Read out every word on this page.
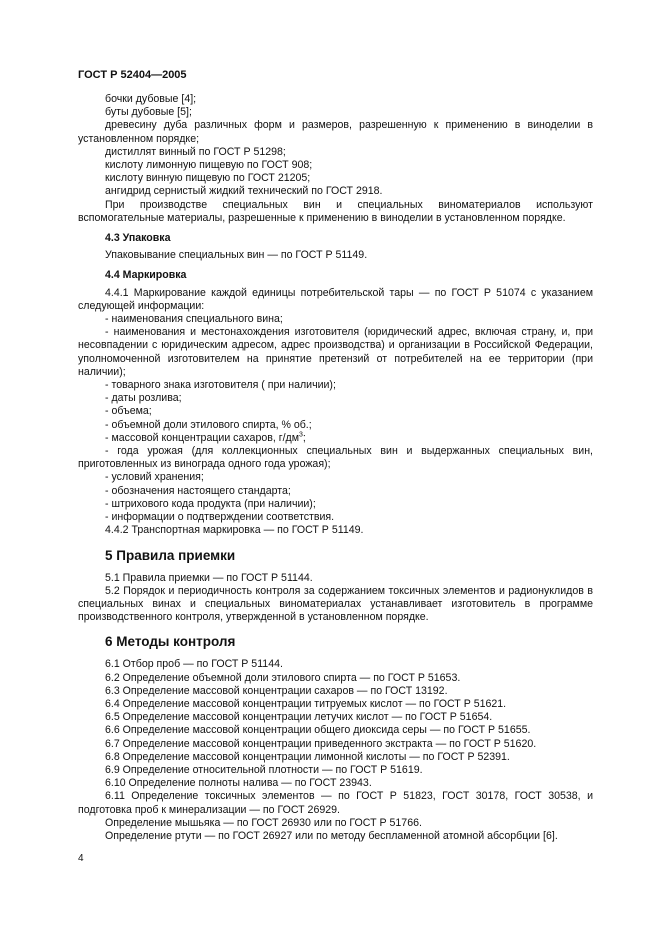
ГОСТ Р 52404—2005

бочки дубовые [4];

буты дубовые [5];

древесину дуба различных форм и размеров, разрешенную к применению в виноделии в установленном порядке;

дистиллят винный по ГОСТ Р 51298;

кислоту лимонную пищевую по ГОСТ 908;

кислоту винную пищевую по ГОСТ 21205;

ангидрид сернистый жидкий технический по ГОСТ 2918.

При производстве специальных вин и специальных виноматериалов используют вспомогательные материалы, разрешенные к применению в виноделии в установленном порядке.

4.3 Упаковка

Упаковывание специальных вин — по ГОСТ Р 51149.

4.4 Маркировка

4.4.1 Маркирование каждой единицы потребительской тары — по ГОСТ Р 51074 с указанием следующей информации:

- наименования специального вина;

- наименования и местонахождения изготовителя (юридический адрес, включая страну, и, при несовпадении с юридическим адресом, адрес производства) и организации в Российской Федерации, уполномоченной изготовителем на принятие претензий от потребителей на ее территории (при наличии);

- товарного знака изготовителя ( при наличии);

- даты розлива;

- объема;

- объемной доли этилового спирта, % об.;

- массовой концентрации сахаров, $г/дм^3$;

- года урожая (для коллекционных специальных вин и выдержанных специальных вин, приготовленных из винограда одного года урожая);

- условий хранения;

- обозначения настоящего стандарта;

- штрихового кода продукта (при наличии);

- информации о подтверждении соответствия.

4.4.2 Транспортная маркировка — по ГОСТ Р 51149.

5 Правила приемки

5.1 Правила приемки — по ГОСТ Р 51144.

5.2 Порядок и периодичность контроля за содержанием токсичных элементов и радионуклидов в специальных винах и специальных виноматериалах устанавливает изготовитель в программе производственного контроля, утвержденной в установленном порядке.

6 Методы контроля

6.1 Отбор проб — по ГОСТ Р 51144.

6.2 Определение объемной доли этилового спирта — по ГОСТ Р 51653.

6.3 Определение массовой концентрации сахаров — по ГОСТ 13192.

6.4 Определение массовой концентрации титруемых кислот — по ГОСТ Р 51621.

6.5 Определение массовой концентрации летучих кислот — по ГОСТ Р 51654.

6.6 Определение массовой концентрации общего диоксида серы — по ГОСТ Р 51655.

6.7 Определение массовой концентрации приведенного экстракта — по ГОСТ Р 51620.

6.8 Определение массовой концентрации лимонной кислоты — по ГОСТ Р 52391.

6.9 Определение относительной плотности — по ГОСТ Р 51619.

6.10 Определение полноты налива — по ГОСТ 23943.

6.11 Определение токсичных элементов — по ГОСТ Р 51823, ГОСТ 30178, ГОСТ 30538, и подготовка проб к минерализации — по ГОСТ 26929.

Определение мышьяка — по ГОСТ 26930 или по ГОСТ Р 51766.

Определение ртути — по ГОСТ 26927 или по методу беспламенной атомной абсорбции [6].

4
